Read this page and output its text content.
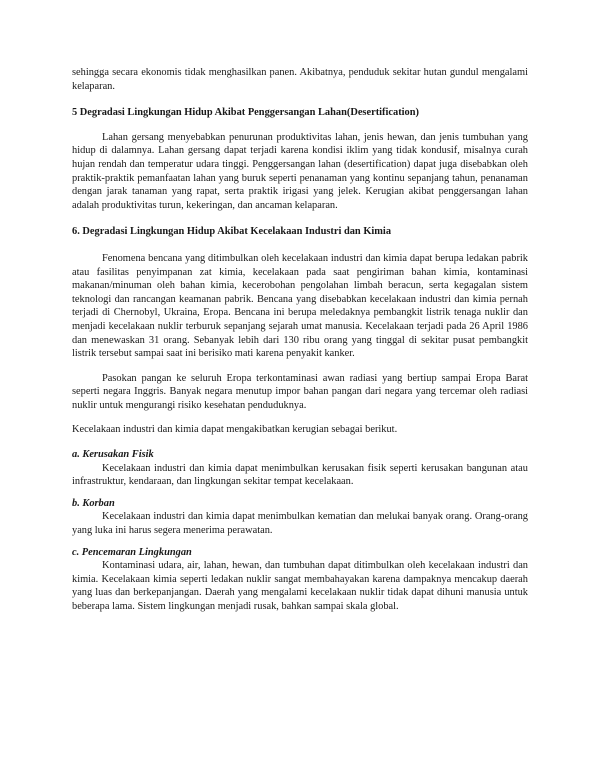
sehingga secara ekonomis tidak menghasilkan panen. Akibatnya, penduduk sekitar hutan gundul mengalami kelaparan.

5 Degradasi Lingkungan Hidup Akibat Penggersangan Lahan(Desertification)

Lahan gersang menyebabkan penurunan produktivitas lahan, jenis hewan, dan jenis tumbuhan yang hidup di dalamnya. Lahan gersang dapat terjadi karena kondisi iklim yang tidak kondusif, misalnya curah hujan rendah dan temperatur udara tinggi. Penggersangan lahan (desertification) dapat juga disebabkan oleh praktik-praktik pemanfaatan lahan yang buruk seperti penanaman yang kontinu sepanjang tahun, penanaman dengan jarak tanaman yang rapat, serta praktik irigasi yang jelek. Kerugian akibat penggersangan lahan adalah produktivitas turun, kekeringan, dan ancaman kelaparan.

6. Degradasi Lingkungan Hidup Akibat Kecelakaan Industri dan Kimia

Fenomena bencana yang ditimbulkan oleh kecelakaan industri dan kimia dapat berupa ledakan pabrik atau fasilitas penyimpanan zat kimia, kecelakaan pada saat pengiriman bahan kimia, kontaminasi makanan/minuman oleh bahan kimia, kecerobohan pengolahan limbah beracun, serta kegagalan sistem teknologi dan rancangan keamanan pabrik. Bencana yang disebabkan kecelakaan industri dan kimia pernah terjadi di Chernobyl, Ukraina, Eropa. Bencana ini berupa meledaknya pembangkit listrik tenaga nuklir dan menjadi kecelakaan nuklir terburuk sepanjang sejarah umat manusia. Kecelakaan terjadi pada 26 April 1986 dan menewaskan 31 orang. Sebanyak lebih dari 130 ribu orang yang tinggal di sekitar pusat pembangkit listrik tersebut sampai saat ini berisiko mati karena penyakit kanker.

Pasokan pangan ke seluruh Eropa terkontaminasi awan radiasi yang bertiup sampai Eropa Barat seperti negara Inggris. Banyak negara menutup impor bahan pangan dari negara yang tercemar oleh radiasi nuklir untuk mengurangi risiko kesehatan penduduknya.

Kecelakaan industri dan kimia dapat mengakibatkan kerugian sebagai berikut.

a. Kerusakan Fisik

Kecelakaan industri dan kimia dapat menimbulkan kerusakan fisik seperti kerusakan bangunan atau infrastruktur, kendaraan, dan lingkungan sekitar tempat kecelakaan.

b. Korban

Kecelakaan industri dan kimia dapat menimbulkan kematian dan melukai banyak orang. Orang-orang yang luka ini harus segera menerima perawatan.

c. Pencemaran Lingkungan

Kontaminasi udara, air, lahan, hewan, dan tumbuhan dapat ditimbulkan oleh kecelakaan industri dan kimia. Kecelakaan kimia seperti ledakan nuklir sangat membahayakan karena dampaknya mencakup daerah yang luas dan berkepanjangan. Daerah yang mengalami kecelakaan nuklir tidak dapat dihuni manusia untuk beberapa lama. Sistem lingkungan menjadi rusak, bahkan sampai skala global.
